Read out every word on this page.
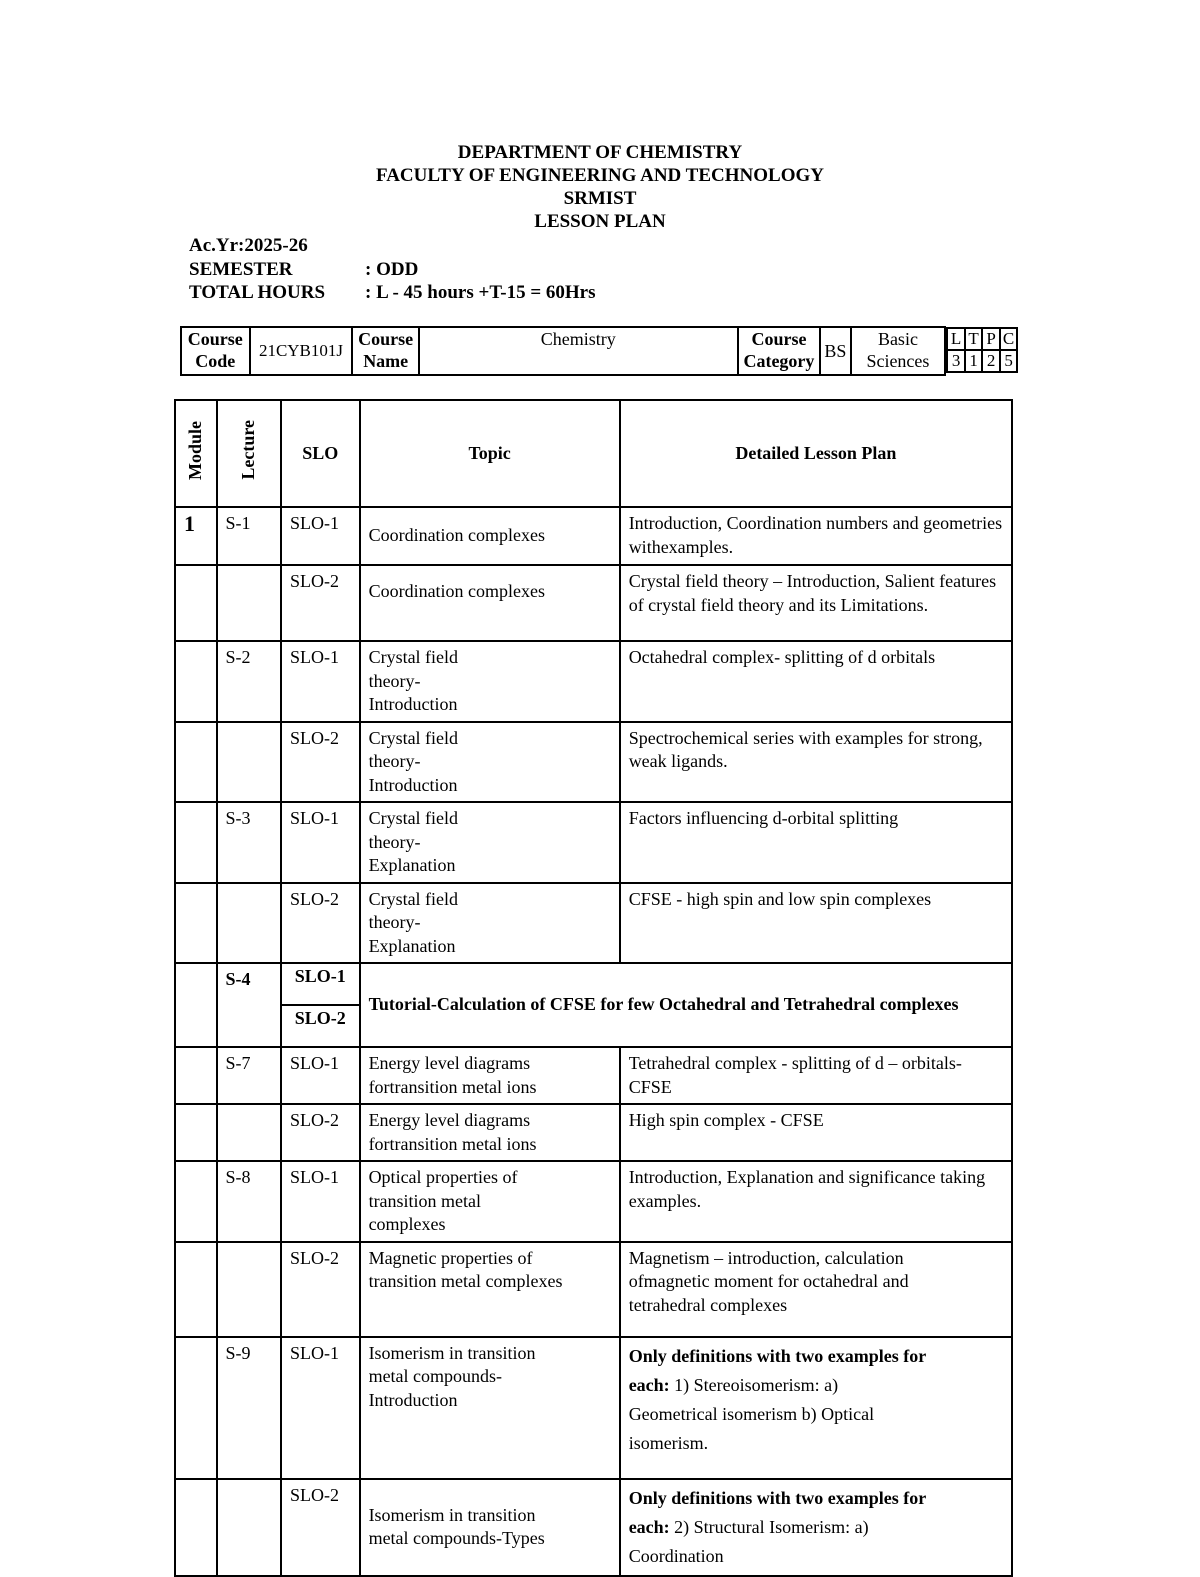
DEPARTMENT OF CHEMISTRY
FACULTY OF ENGINEERING AND TECHNOLOGY
SRMIST
LESSON PLAN
Ac.Yr:2025-26
SEMESTER	: ODD
TOTAL HOURS : L - 45 hours +T-15 = 60Hrs
Course Code	21CYB101J	Course Name	Chemistry	Course Category	BS	Basic Sciences	
L	T	P	C
3	1	2	5
Module	Lecture	SLO	Topic	Detailed Lesson Plan
1	S-1	SLO-1	Coordination complexes	Introduction, Coordination numbers and geometries withexamples.
		SLO-2	Coordination complexes	Crystal field theory – Introduction, Salient features of crystal field theory and its Limitations.
	S-2	SLO-1	Crystal field theory-Introduction	Octahedral complex- splitting of d orbitals
		SLO-2	Crystal field theory-Introduction	Spectrochemical series with examples for strong, weak ligands.
	S-3	SLO-1	Crystal field theory-Explanation	Factors influencing d-orbital splitting
		SLO-2	Crystal field theory-Explanation	CFSE - high spin and low spin complexes
	S-4	SLO-1	Tutorial-Calculation of CFSE for few Octahedral and Tetrahedral complexes	
		SLO-2		
	S-7	SLO-1	Energy level diagrams fortransition metal ions	Tetrahedral complex - splitting of d – orbitals-CFSE
		SLO-2	Energy level diagrams fortransition metal ions	High spin complex - CFSE
	S-8	SLO-1	Optical properties of transition metal complexes	Introduction, Explanation and significance taking examples.
		SLO-2	Magnetic properties of transition metal complexes	Magnetism – introduction, calculation ofmagnetic moment for octahedral and tetrahedral complexes
	S-9	SLO-1	Isomerism in transition metal compounds-Introduction	Only definitions with two examples for each: 1) Stereoisomerism: a) Geometrical isomerism b) Optical isomerism.
		SLO-2	Isomerism in transition metal compounds-Types	Only definitions with two examples for each: 2) Structural Isomerism: a) Coordination
